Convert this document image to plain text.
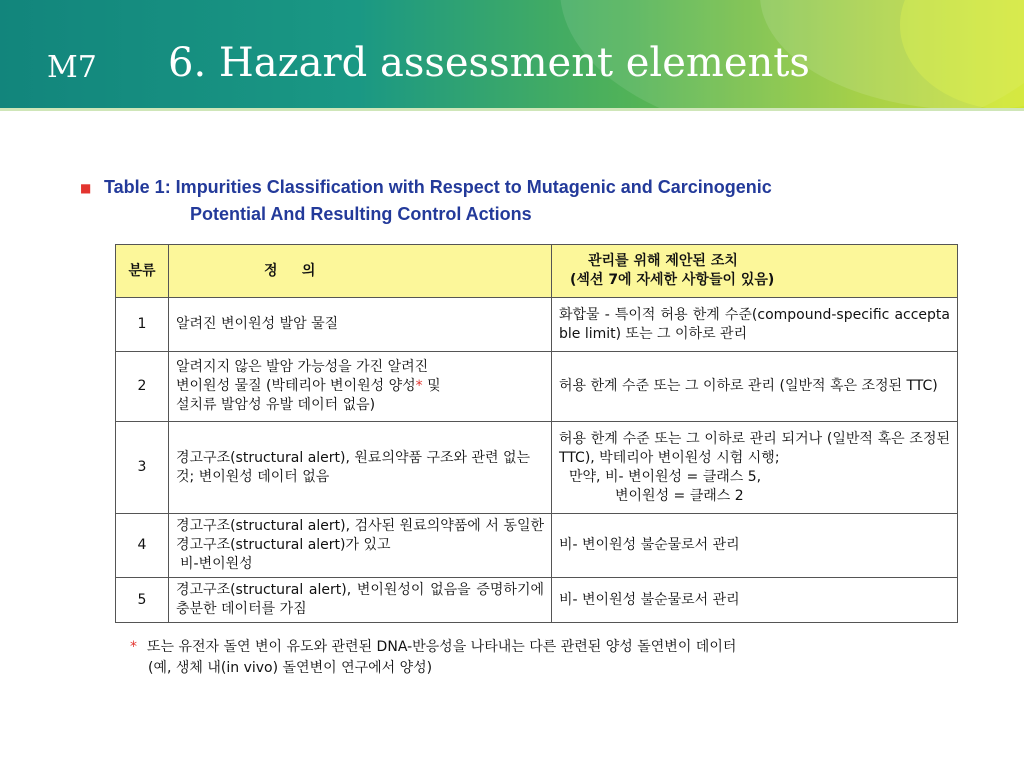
M7 6. Hazard assessment elements
■ Table 1: Impurities Classification with Respect to Mutagenic and Carcinogenic
Potential And Resulting Control Actions
분류	정     의	관리를 위해 제안된 조치
(섹션 7에 자세한 사항들이 있음)

1	알려진 변이원성 발암 물질	화합물 - 특이적 허용 한계 수준(compound-specific acceptable limit) 또는 그 이하로 관리
2	알려지지 않은 발암 가능성을 가진 알려진
변이원성 물질 (박테리아 변이원성 양성* 및
설치류 발암성 유발 데이터 없음)	허용 한계 수준 또는 그 이하로 관리 (일반적 혹은 조정된 TTC)
3	경고구조(structural alert), 원료의약품 구조와 관련 없는 것; 변이원성 데이터 없음	허용 한계 수준 또는 그 이하로 관리 되거나 (일반적 혹은 조정된 TTC), 박테리아 변이원성 시험 시행;
만약, 비- 변이원성 = 클래스 5,
변이원성 = 클래스 2

4	경고구조(structural alert), 검사된 원료의약품에 서 동일한 경고구조(structural alert)가 있고
비-변이원성	비- 변이원성 불순물로서 관리
5	경고구조(structural alert), 변이원성이 없음을 증명하기에 충분한 데이터를 가짐	비- 변이원성 불순물로서 관리
* 또는 유전자 돌연 변이 유도와 관련된 DNA-반응성을 나타내는 다른 관련된 양성 돌연변이 데이터
(예, 생체 내(in vivo) 돌연변이 연구에서 양성)
